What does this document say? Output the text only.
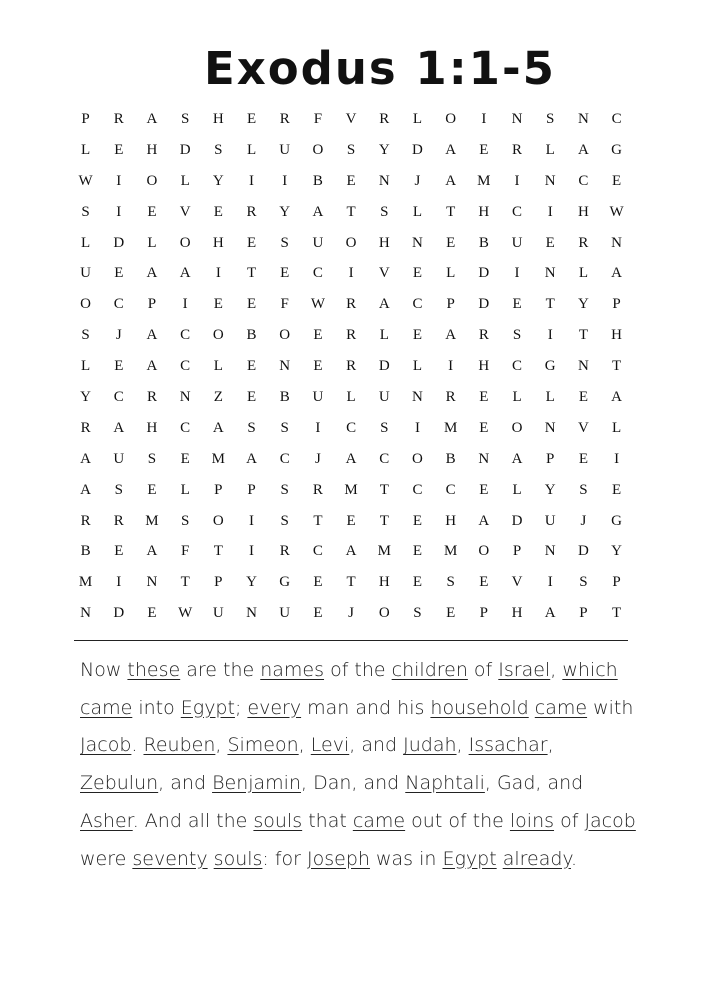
Exodus 1:1-5
P	R	A	S	H	E	R	F	V	R	L	O	I	N	S	N	C
L	E	H	D	S	L	U	O	S	Y	D	A	E	R	L	A	G
W	I	O	L	Y	I	I	B	E	N	J	A	M	I	N	C	E
S	I	E	V	E	R	Y	A	T	S	L	T	H	C	I	H	W
L	D	L	O	H	E	S	U	O	H	N	E	B	U	E	R	N
U	E	A	A	I	T	E	C	I	V	E	L	D	I	N	L	A
O	C	P	I	E	E	F	W	R	A	C	P	D	E	T	Y	P
S	J	A	C	O	B	O	E	R	L	E	A	R	S	I	T	H
L	E	A	C	L	E	N	E	R	D	L	I	H	C	G	N	T
Y	C	R	N	Z	E	B	U	L	U	N	R	E	L	L	E	A
R	A	H	C	A	S	S	I	C	S	I	M	E	O	N	V	L
A	U	S	E	M	A	C	J	A	C	O	B	N	A	P	E	I
A	S	E	L	P	P	S	R	M	T	C	C	E	L	Y	S	E
R	R	M	S	O	I	S	T	E	T	E	H	A	D	U	J	G
B	E	A	F	T	I	R	C	A	M	E	M	O	P	N	D	Y
M	I	N	T	P	Y	G	E	T	H	E	S	E	V	I	S	P
N	D	E	W	U	N	U	E	J	O	S	E	P	H	A	P	T

Now these are the names of the children of Israel, which came into Egypt; every man and his household came with Jacob. Reuben, Simeon, Levi, and Judah, Issachar, Zebulun, and Benjamin, Dan, and Naphtali, Gad, and Asher. And all the souls that came out of the loins of Jacob were seventy souls: for Joseph was in Egypt already.
